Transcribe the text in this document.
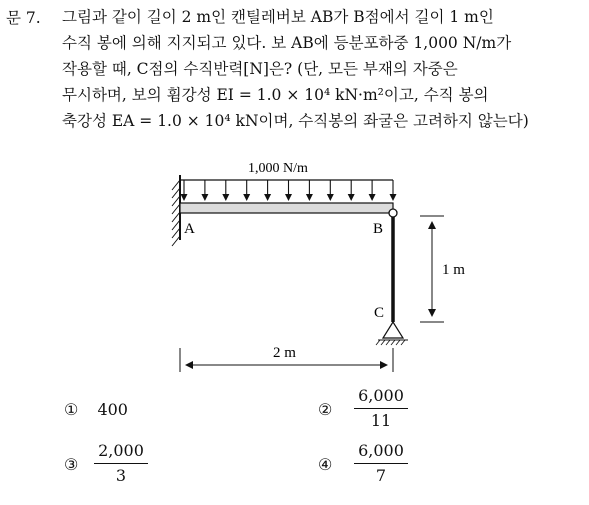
문 7. 그림과 같이 길이 2 m인 캔틸레버보 AB가 B점에서 길이 1 m인
수직 봉에 의해 지지되고 있다. 보 AB에 등분포하중 1,000 N/m가
작용할 때, C점의 수직반력[N]은? (단, 모든 부재의 자중은
무시하며, 보의 휨강성 EI = 1.0 × 10⁴ kN·m²이고, 수직 봉의
축강성 EA = 1.0 × 10⁴ kN이며, 수직봉의 좌굴은 고려하지 않는다)
1,000 N/m
A	B
C
1 m
2 m
① 400	②
6,000
11
③
2,000
3
④
6,000
7
